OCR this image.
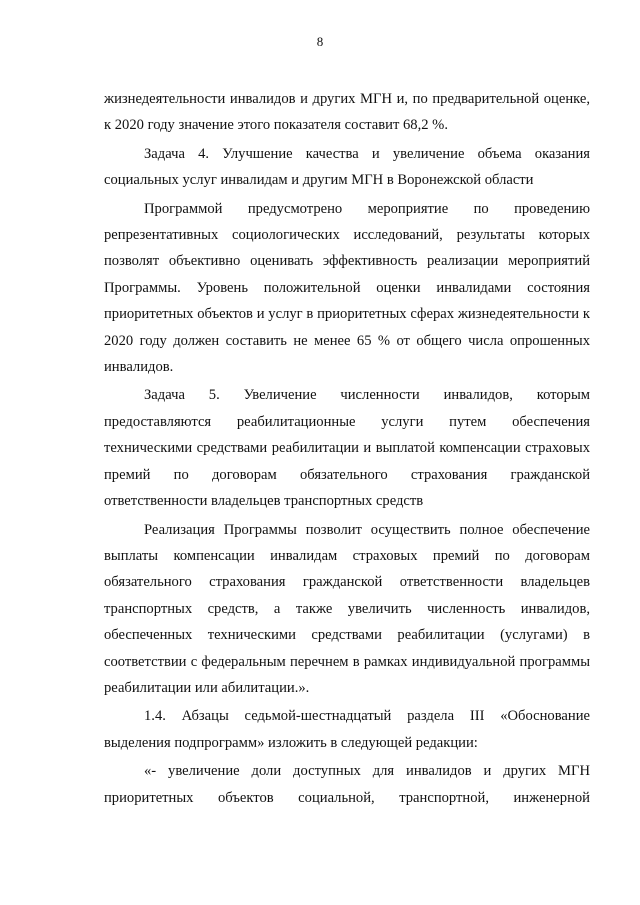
8

жизнедеятельности инвалидов и других МГН и, по предварительной оценке, к 2020 году значение этого показателя составит 68,2 %.

Задача 4. Улучшение качества и увеличение объема оказания социальных услуг инвалидам и другим МГН в Воронежской области

Программой предусмотрено мероприятие по проведению репрезентативных социологических исследований, результаты которых позволят объективно оценивать эффективность реализации мероприятий Программы. Уровень положительной оценки инвалидами состояния приоритетных объектов и услуг в приоритетных сферах жизнедеятельности к 2020 году должен составить не менее 65 % от общего числа опрошенных инвалидов.

Задача 5. Увеличение численности инвалидов, которым предоставляются реабилитационные услуги путем обеспечения техническими средствами реабилитации и выплатой компенсации страховых премий по договорам обязательного страхования гражданской ответственности владельцев транспортных средств

Реализация Программы позволит осуществить полное обеспечение выплаты компенсации инвалидам страховых премий по договорам обязательного страхования гражданской ответственности владельцев транспортных средств, а также увеличить численность инвалидов, обеспеченных техническими средствами реабилитации (услугами) в соответствии с федеральным перечнем в рамках индивидуальной программы реабилитации или абилитации.».

1.4. Абзацы седьмой-шестнадцатый раздела III «Обоснование выделения подпрограмм» изложить в следующей редакции:

«- увеличение доли доступных для инвалидов и других МГН приоритетных объектов социальной, транспортной, инженерной
